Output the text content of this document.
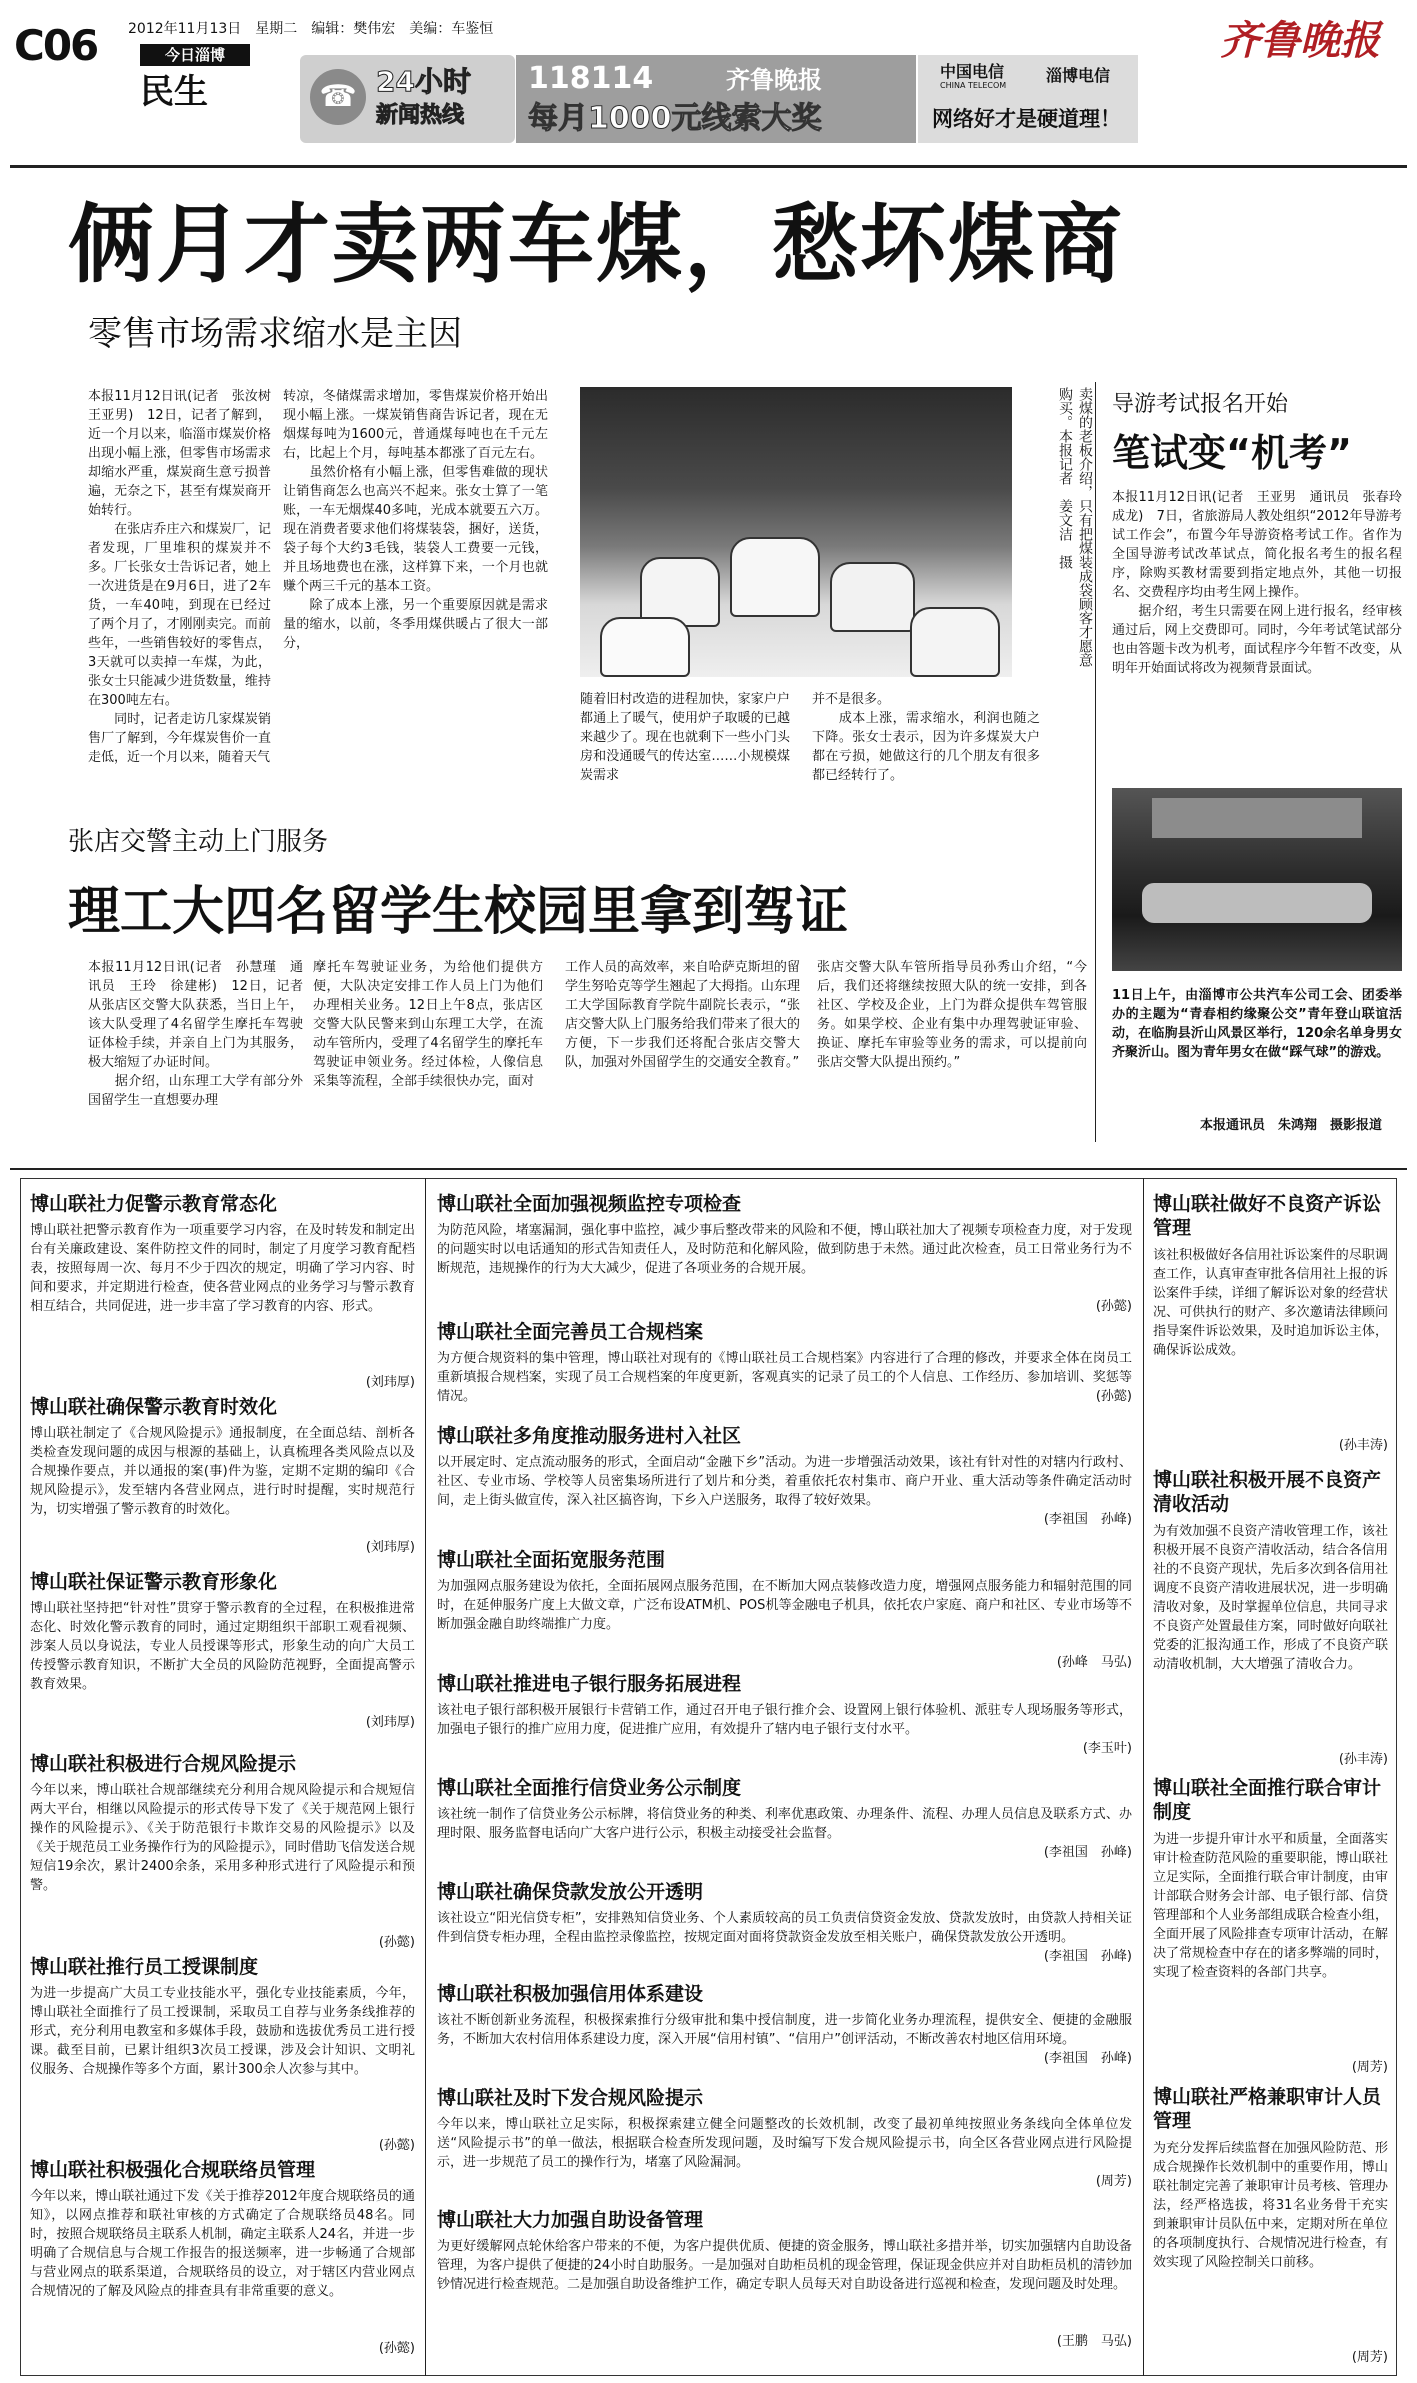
C06	2012年11月13日　星期二　编辑：樊伟宏　美编：车鉴恒
今日淄博
民生	☎ 24小时
新闻热线
118114	齐鲁晚报
每月1000元线索大奖
中国电信
CHINA TELECOM
淄博电信
网络好才是硬道理！
齐鲁晚报
俩月才卖两车煤，愁坏煤商
零售市场需求缩水是主因
本报11月12日讯(记者　张汝树　王亚男)　12日，记者了解到，近一个月以来，临淄市煤炭价格出现小幅上涨，但零售市场需求却缩水严重，煤炭商生意亏损普遍，无奈之下，甚至有煤炭商开始转行。
　　在张店乔庄六和煤炭厂，记者发现，厂里堆积的煤炭并不多。厂长张女士告诉记者，她上一次进货是在9月6日，进了2车货，一车40吨，到现在已经过了两个月了，才刚刚卖完。而前些年，一些销售较好的零售点，3天就可以卖掉一车煤，为此，张女士只能减少进货数量，维持在300吨左右。
　　同时，记者走访几家煤炭销售厂了解到，今年煤炭售价一直走低，近一个月以来，随着天气
转凉，冬储煤需求增加，零售煤炭价格开始出现小幅上涨。一煤炭销售商告诉记者，现在无烟煤每吨为1600元，普通煤每吨也在千元左右，比起上个月，每吨基本都涨了百元左右。
　　虽然价格有小幅上涨，但零售难做的现状让销售商怎么也高兴不起来。张女士算了一笔账，一车无烟煤40多吨，光成本就要五六万。现在消费者要求他们将煤装袋，捆好，送货，袋子每个大约3毛钱，装袋人工费要一元钱，并且场地费也在涨，这样算下来，一个月也就赚个两三千元的基本工资。
　　除了成本上涨，另一个重要原因就是需求量的缩水，以前，冬季用煤供暖占了很大一部分，	卖煤的老板介绍，只有把煤装成袋顾客才愿意购买。本报记者　姜文洁　摄
随着旧村改造的进程加快，家家户户都通上了暖气，使用炉子取暖的已越来越少了。现在也就剩下一些小门头房和没通暖气的传达室……小规模煤炭需求
并不是很多。
　　成本上涨，需求缩水，利润也随之下降。张女士表示，因为许多煤炭大户都在亏损，她做这行的几个朋友有很多都已经转行了。
导游考试报名开始
笔试变“机考”
本报11月12日讯(记者　王亚男　通讯员　张春玲　成龙)　7日，省旅游局人教处组织“2012年导游考试工作会”，布置今年导游资格考试工作。省作为全国导游考试改革试点，简化报名考生的报名程序，除购买教材需要到指定地点外，其他一切报名、交费程序均由考生网上操作。
　　据介绍，考生只需要在网上进行报名，经审核通过后，网上交费即可。同时，今年考试笔试部分也由答题卡改为机考，面试程序今年暂不改变，从明年开始面试将改为视频背景面试。
11日上午，由淄博市公共汽车公司工会、团委举办的主题为“青春相约缘聚公交”青年登山联谊活动，在临朐县沂山风景区举行，120余名单身男女齐聚沂山。图为青年男女在做“踩气球”的游戏。
本报通讯员　朱鸿翔　摄影报道
张店交警主动上门服务
理工大四名留学生校园里拿到驾证
本报11月12日讯(记者　孙慧瑾　通讯员　王玲　徐建彬)　12日，记者从张店区交警大队获悉，当日上午，该大队受理了4名留学生摩托车驾驶证体检手续，并亲自上门为其服务，极大缩短了办证时间。
　　据介绍，山东理工大学有部分外国留学生一直想要办理
摩托车驾驶证业务，为给他们提供方便，大队决定安排工作人员上门为他们办理相关业务。12日上午8点，张店区交警大队民警来到山东理工大学，在流动车管所内，受理了4名留学生的摩托车驾驶证申领业务。经过体检，人像信息采集等流程，全部手续很快办完，面对
工作人员的高效率，来自哈萨克斯坦的留学生努哈克等学生翘起了大拇指。山东理工大学国际教育学院牛副院长表示，“张店交警大队上门服务给我们带来了很大的方便，下一步我们还将配合张店交警大队，加强对外国留学生的交通安全教育。”
张店交警大队车管所指导员孙秀山介绍，“今后，我们还将继续按照大队的统一安排，到各社区、学校及企业，上门为群众提供车驾管服务。如果学校、企业有集中办理驾驶证审验、换证、摩托车审验等业务的需求，可以提前向张店交警大队提出预约。”
博山联社力促警示教育常态化
博山联社把警示教育作为一项重要学习内容，在及时转发和制定出台有关廉政建设、案件防控文件的同时，制定了月度学习教育配档表，按照每周一次、每月不少于四次的规定，明确了学习内容、时间和要求，并定期进行检查，使各营业网点的业务学习与警示教育相互结合，共同促进，进一步丰富了学习教育的内容、形式。
(刘玮厚)
博山联社确保警示教育时效化
博山联社制定了《合规风险提示》通报制度，在全面总结、剖析各类检查发现问题的成因与根源的基础上，认真梳理各类风险点以及合规操作要点，并以通报的案(事)件为鉴，定期不定期的编印《合规风险提示》，发至辖内各营业网点，进行时时提醒，实时规范行为，切实增强了警示教育的时效化。
(刘玮厚)
博山联社保证警示教育形象化
博山联社坚持把“针对性”贯穿于警示教育的全过程，在积极推进常态化、时效化警示教育的同时，通过定期组织干部职工观看视频、涉案人员以身说法，专业人员授课等形式，形象生动的向广大员工传授警示教育知识，不断扩大全员的风险防范视野，全面提高警示教育效果。
(刘玮厚)
博山联社积极进行合规风险提示
今年以来，博山联社合规部继续充分利用合规风险提示和合规短信两大平台，相继以风险提示的形式传导下发了《关于规范网上银行操作的风险提示》、《关于防范银行卡欺诈交易的风险提示》以及《关于规范员工业务操作行为的风险提示》，同时借助飞信发送合规短信19余次，累计2400余条，采用多种形式进行了风险提示和预警。
(孙懿)
博山联社推行员工授课制度
为进一步提高广大员工专业技能水平，强化专业技能素质，今年，博山联社全面推行了员工授课制，采取员工自荐与业务条线推荐的形式，充分利用电教室和多媒体手段，鼓励和选拔优秀员工进行授课。截至目前，已累计组织3次员工授课，涉及会计知识、文明礼仪服务、合规操作等多个方面，累计300余人次参与其中。
(孙懿)
博山联社积极强化合规联络员管理
今年以来，博山联社通过下发《关于推荐2012年度合规联络员的通知》，以网点推荐和联社审核的方式确定了合规联络员48名。同时，按照合规联络员主联系人机制，确定主联系人24名，并进一步明确了合规信息与合规工作报告的报送频率，进一步畅通了合规部与营业网点的联系渠道，合规联络员的设立，对于辖区内营业网点合规情况的了解及风险点的排查具有非常重要的意义。
(孙懿)
博山联社全面加强视频监控专项检查
为防范风险，堵塞漏洞，强化事中监控，减少事后整改带来的风险和不便，博山联社加大了视频专项检查力度，对于发现的问题实时以电话通知的形式告知责任人，及时防范和化解风险，做到防患于未然。通过此次检查，员工日常业务行为不断规范，违规操作的行为大大减少，促进了各项业务的合规开展。
(孙懿)
博山联社全面完善员工合规档案
为方便合规资料的集中管理，博山联社对现有的《博山联社员工合规档案》内容进行了合理的修改，并要求全体在岗员工重新填报合规档案，实现了员工合规档案的年度更新，客观真实的记录了员工的个人信息、工作经历、参加培训、奖惩等情况。	(孙懿)
博山联社多角度推动服务进村入社区
以开展定时、定点流动服务的形式，全面启动“金融下乡”活动。为进一步增强活动效果，该社有针对性的对辖内行政村、社区、专业市场、学校等人员密集场所进行了划片和分类，着重依托农村集市、商户开业、重大活动等条件确定活动时间，走上街头做宣传，深入社区搞咨询，下乡入户送服务，取得了较好效果。
(李祖国　孙峰)
博山联社全面拓宽服务范围
为加强网点服务建设为依托，全面拓展网点服务范围，在不断加大网点装修改造力度，增强网点服务能力和辐射范围的同时，在延伸服务广度上大做文章，广泛布设ATM机、POS机等金融电子机具，依托农户家庭、商户和社区、专业市场等不断加强金融自助终端推广力度。
(孙峰　马弘)
博山联社推进电子银行服务拓展进程
该社电子银行部积极开展银行卡营销工作，通过召开电子银行推介会、设置网上银行体验机、派驻专人现场服务等形式，加强电子银行的推广应用力度，促进推广应用，有效提升了辖内电子银行支付水平。
(李玉叶)
博山联社全面推行信贷业务公示制度
该社统一制作了信贷业务公示标牌，将信贷业务的种类、利率优惠政策、办理条件、流程、办理人员信息及联系方式、办理时限、服务监督电话向广大客户进行公示，积极主动接受社会监督。
(李祖国　孙峰)
博山联社确保贷款发放公开透明
该社设立“阳光信贷专柜”，安排熟知信贷业务、个人素质较高的员工负责信贷资金发放、贷款发放时，由贷款人持相关证件到信贷专柜办理，全程由监控录像监控，按规定面对面将贷款资金发放至相关账户，确保贷款发放公开透明。
(李祖国　孙峰)
博山联社积极加强信用体系建设
该社不断创新业务流程，积极探索推行分级审批和集中授信制度，进一步简化业务办理流程，提供安全、便捷的金融服务，不断加大农村信用体系建设力度，深入开展“信用村镇”、“信用户”创评活动，不断改善农村地区信用环境。
(李祖国　孙峰)
博山联社及时下发合规风险提示
今年以来，博山联社立足实际，积极探索建立健全问题整改的长效机制，改变了最初单纯按照业务条线向全体单位发送“风险提示书”的单一做法，根据联合检查所发现问题，及时编写下发合规风险提示书，向全区各营业网点进行风险提示，进一步规范了员工的操作行为，堵塞了风险漏洞。
(周芳)
博山联社大力加强自助设备管理
为更好缓解网点轮休给客户带来的不便，为客户提供优质、便捷的资金服务，博山联社多措并举，切实加强辖内自助设备管理，为客户提供了便捷的24小时自助服务。一是加强对自助柜员机的现金管理，保证现金供应并对自助柜员机的清钞加钞情况进行检查规范。二是加强自助设备维护工作，确定专职人员每天对自助设备进行巡视和检查，发现问题及时处理。
(王鹏　马弘)
博山联社做好不良资产诉讼管理
该社积极做好各信用社诉讼案件的尽职调查工作，认真审查审批各信用社上报的诉讼案件手续，详细了解诉讼对象的经营状况、可供执行的财产、多次邀请法律顾问指导案件诉讼效果，及时追加诉讼主体，确保诉讼成效。
(孙丰涛)
博山联社积极开展不良资产清收活动
为有效加强不良资产清收管理工作，该社积极开展不良资产清收活动，结合各信用社的不良资产现状，先后多次到各信用社调度不良资产清收进展状况，进一步明确清收对象，及时掌握单位信息，共同寻求不良资产处置最佳方案，同时做好向联社党委的汇报沟通工作，形成了不良资产联动清收机制，大大增强了清收合力。
(孙丰涛)
博山联社全面推行联合审计制度
为进一步提升审计水平和质量，全面落实审计检查防范风险的重要职能，博山联社立足实际，全面推行联合审计制度，由审计部联合财务会计部、电子银行部、信贷管理部和个人业务部组成联合检查小组，全面开展了风险排查专项审计活动，在解决了常规检查中存在的诸多弊端的同时，实现了检查资料的各部门共享。
(周芳)
博山联社严格兼职审计人员管理
为充分发挥后续监督在加强风险防范、形成合规操作长效机制中的重要作用，博山联社制定完善了兼职审计员考核、管理办法，经严格选拔，将31名业务骨干充实到兼职审计员队伍中来，定期对所在单位的各项制度执行、合规情况进行检查，有效实现了风险控制关口前移。
(周芳)
